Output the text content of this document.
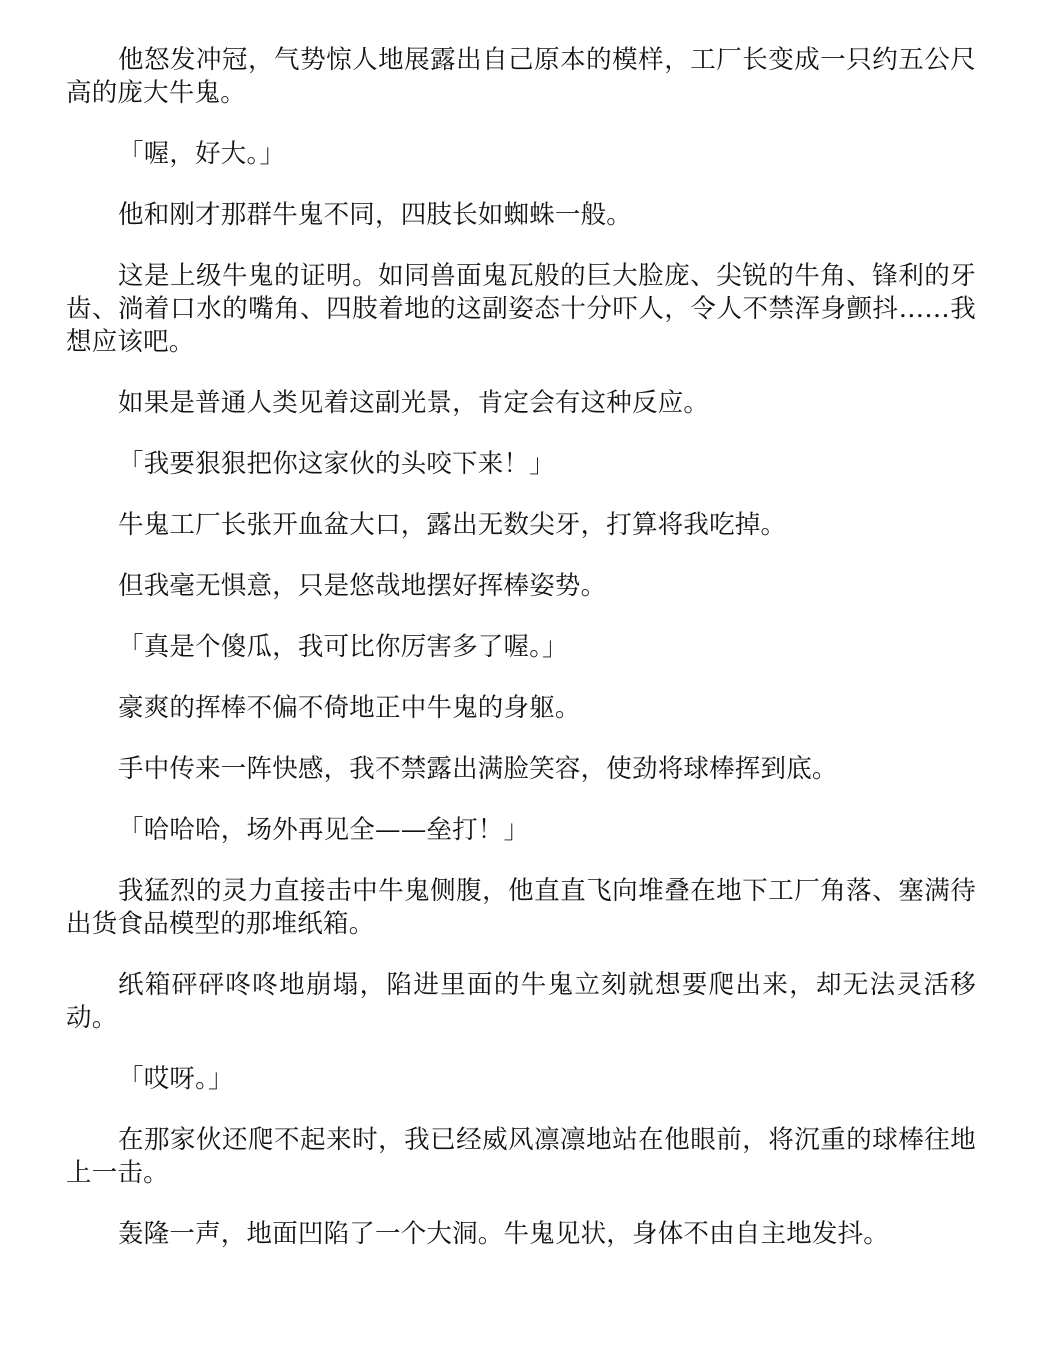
他怒发冲冠，气势惊人地展露出自己原本的模样，工厂长变成一只约五公尺高的庞大牛鬼。

「喔，好大。」

他和刚才那群牛鬼不同，四肢长如蜘蛛一般。

这是上级牛鬼的证明。如同兽面鬼瓦般的巨大脸庞、尖锐的牛角、锋利的牙齿、淌着口水的嘴角、四肢着地的这副姿态十分吓人，令人不禁浑身颤抖……我想应该吧。

如果是普通人类见着这副光景，肯定会有这种反应。

「我要狠狠把你这家伙的头咬下来！」

牛鬼工厂长张开血盆大口，露出无数尖牙，打算将我吃掉。

但我毫无惧意，只是悠哉地摆好挥棒姿势。

「真是个傻瓜，我可比你厉害多了喔。」

豪爽的挥棒不偏不倚地正中牛鬼的身躯。

手中传来一阵快感，我不禁露出满脸笑容，使劲将球棒挥到底。

「哈哈哈，场外再见全——垒打！」

我猛烈的灵力直接击中牛鬼侧腹，他直直飞向堆叠在地下工厂角落、塞满待出货食品模型的那堆纸箱。

纸箱砰砰咚咚地崩塌，陷进里面的牛鬼立刻就想要爬出来，却无法灵活移动。

「哎呀。」

在那家伙还爬不起来时，我已经威风凛凛地站在他眼前，将沉重的球棒往地上一击。

轰隆一声，地面凹陷了一个大洞。牛鬼见状，身体不由自主地发抖。
